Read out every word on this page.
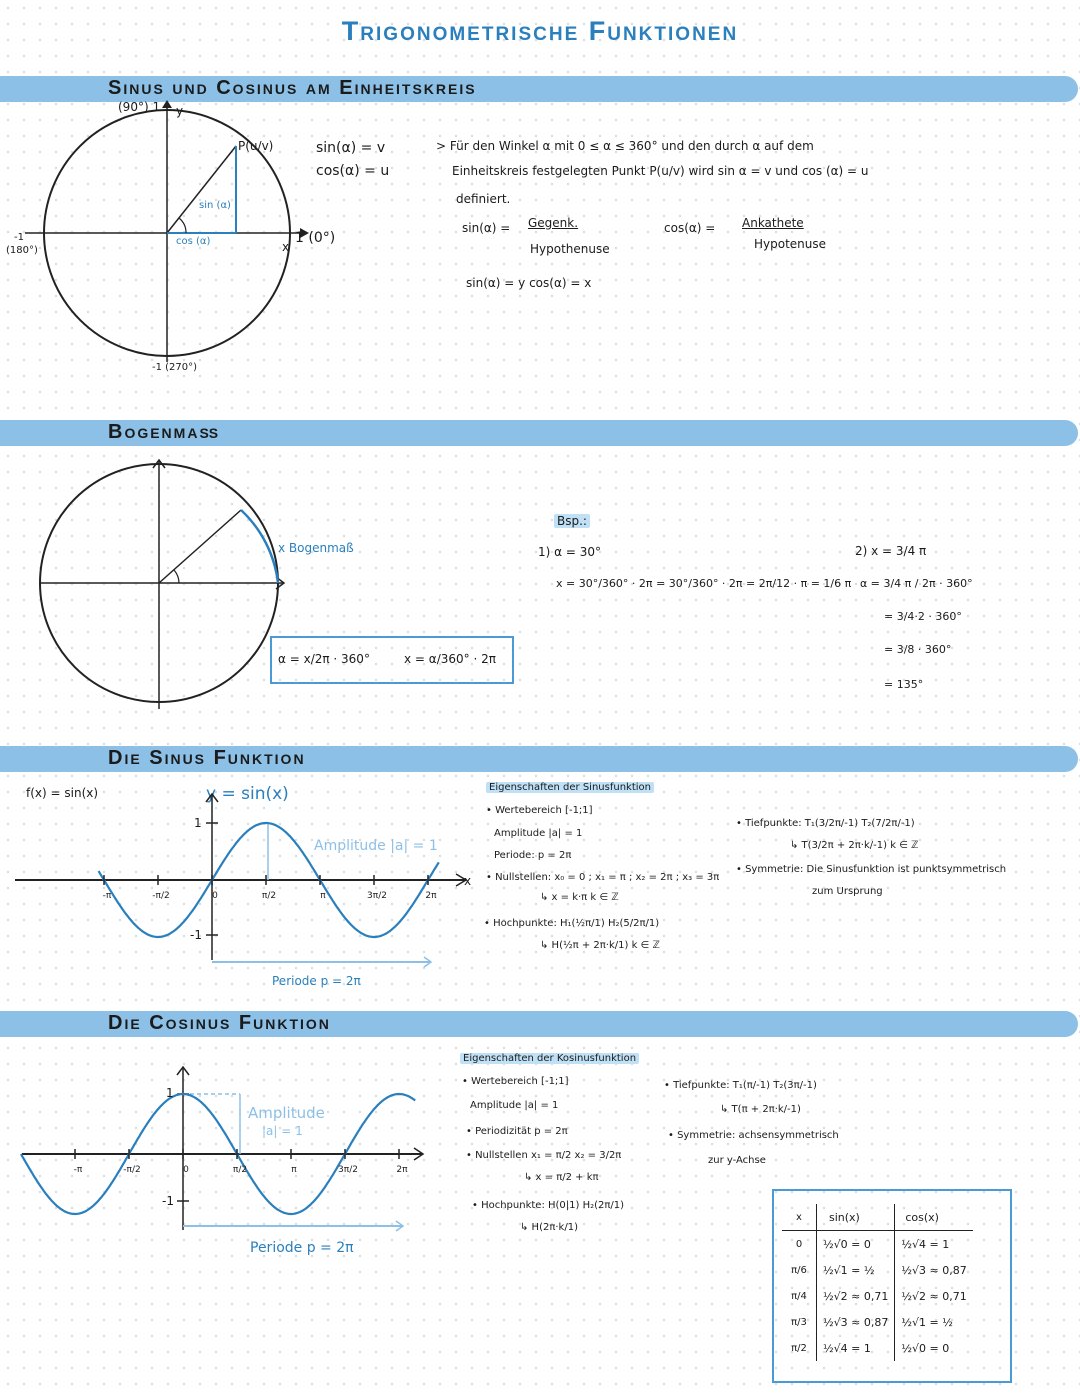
Trigonometrische Funktionen
Sinus und Cosinus am Einheitskreis
(90°) 1 y
x
1 (0°)
-1
(180°)
-1 (270°)
P(u/v)
sin (α)
cos (α)
sin(α) = v
cos(α) = u
> Für den Winkel α mit 0 ≤ α ≤ 360° und den durch α auf dem
Einheitskreis festgelegten Punkt P(u/v) wird sin α = v und cos (α) = u
definiert.
sin(α) = Gegenk.
Hypothenuse
cos(α) = Ankathete
Hypotenuse
sin(α) = y cos(α) = x
Bogenmaß
x Bogenmaß
α = x/2π · 360°	x = α/360° · 2π
Bsp.:
1) α = 30°
x = 30°/360° · 2π = 30°/360° · 2π = 2π/12 · π = 1/6 π
2) x = 3/4 π
α = 3/4 π / 2π · 360°
= 3/4·2 · 360°
= 3/8 · 360°
= 135°
Die Sinus Funktion
f(x) = sin(x)	y = sin(x)
-π	-π/2	0	π/2	π	3π/2	2π
1
-1
x
Amplitude |a| = 1
Periode p = 2π
Eigenschaften der Sinusfunktion
• Wertebereich [-1;1]
Amplitude |a| = 1
Periode: p = 2π
• Nullstellen: x₀ = 0 ; x₁ = π ; x₂ = 2π ; x₃ = 3π
↳ x = k·π k ∈ ℤ
• Hochpunkte: H₁(½π/1) H₂(5/2π/1)
↳ H(½π + 2π·k/1) k ∈ ℤ
• Tiefpunkte: T₁(3/2π/-1) T₂(7/2π/-1)
↳ T(3/2π + 2π·k/-1) k ∈ ℤ
• Symmetrie: Die Sinusfunktion ist punktsymmetrisch
zum Ursprung
Die Cosinus Funktion
-π	-π/2	0	π/2	π	3π/2	2π
1
-1
Amplitude
|a| = 1
Periode p = 2π
Eigenschaften der Kosinusfunktion
• Wertebereich [-1;1]
Amplitude |a| = 1
• Periodizität p = 2π
• Nullstellen x₁ = π/2 x₂ = 3/2π
↳ x = π/2 + kπ
• Hochpunkte: H(0|1) H₂(2π/1)
↳ H(2π·k/1)
• Tiefpunkte: T₁(π/-1) T₂(3π/-1)
↳ T(π + 2π·k/-1)
• Symmetrie: achsensymmetrisch
zur y-Achse
x	sin(x)	cos(x)
0	½√0 = 0	½√4 = 1
π/6	½√1 = ½	½√3 ≈ 0,87
π/4	½√2 ≈ 0,71	½√2 ≈ 0,71
π/3	½√3 ≈ 0,87	½√1 = ½
π/2	½√4 = 1	½√0 = 0
